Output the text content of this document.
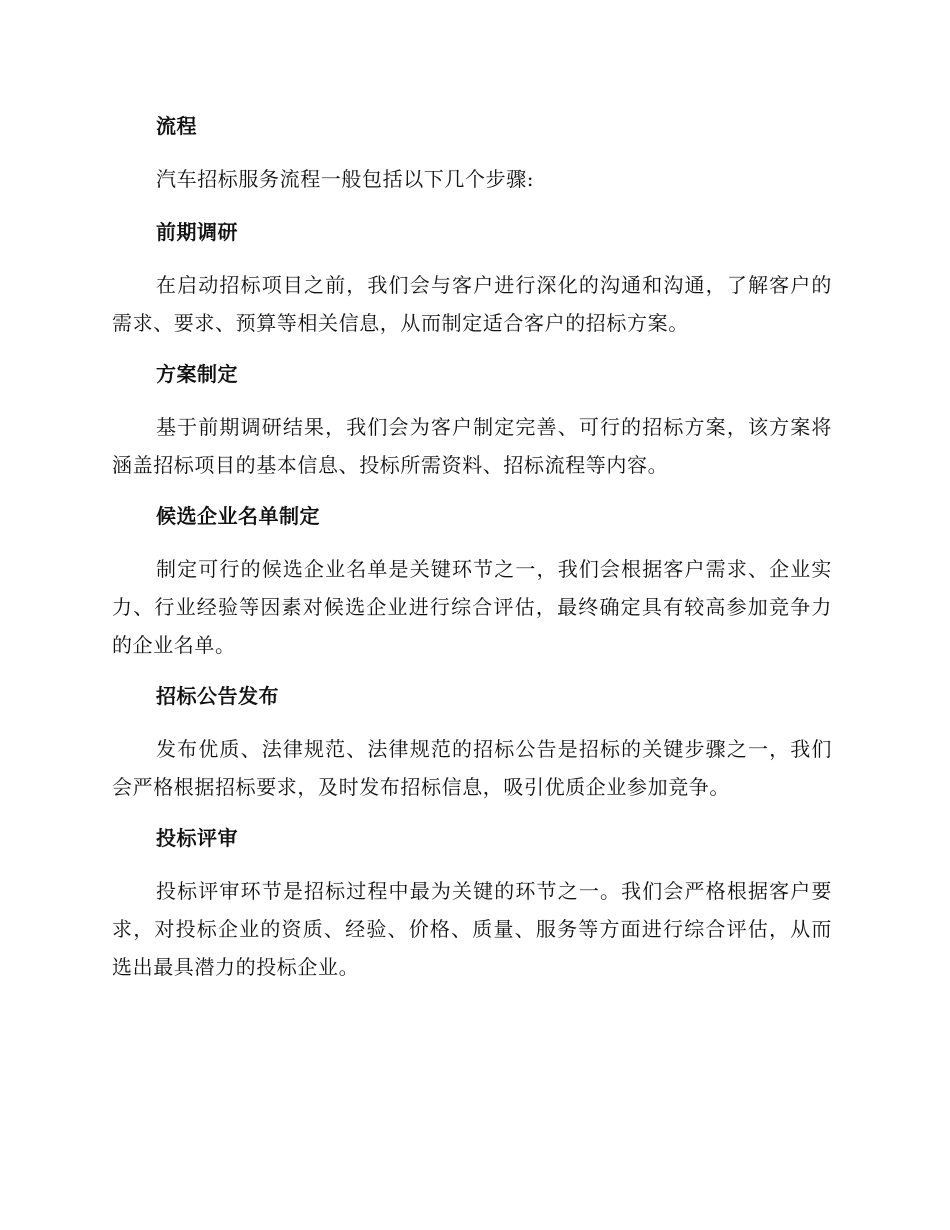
流程

汽车招标服务流程一般包括以下几个步骤:

前期调研

在启动招标项目之前，我们会与客户进行深化的沟通和沟通，了解客户的需求、要求、预算等相关信息，从而制定适合客户的招标方案。

方案制定

基于前期调研结果，我们会为客户制定完善、可行的招标方案，该方案将涵盖招标项目的基本信息、投标所需资料、招标流程等内容。

候选企业名单制定

制定可行的候选企业名单是关键环节之一，我们会根据客户需求、企业实力、行业经验等因素对候选企业进行综合评估，最终确定具有较高参加竞争力的企业名单。

招标公告发布

发布优质、法律规范、法律规范的招标公告是招标的关键步骤之一，我们会严格根据招标要求，及时发布招标信息，吸引优质企业参加竞争。

投标评审

投标评审环节是招标过程中最为关键的环节之一。我们会严格根据客户要求，对投标企业的资质、经验、价格、质量、服务等方面进行综合评估，从而选出最具潜力的投标企业。
